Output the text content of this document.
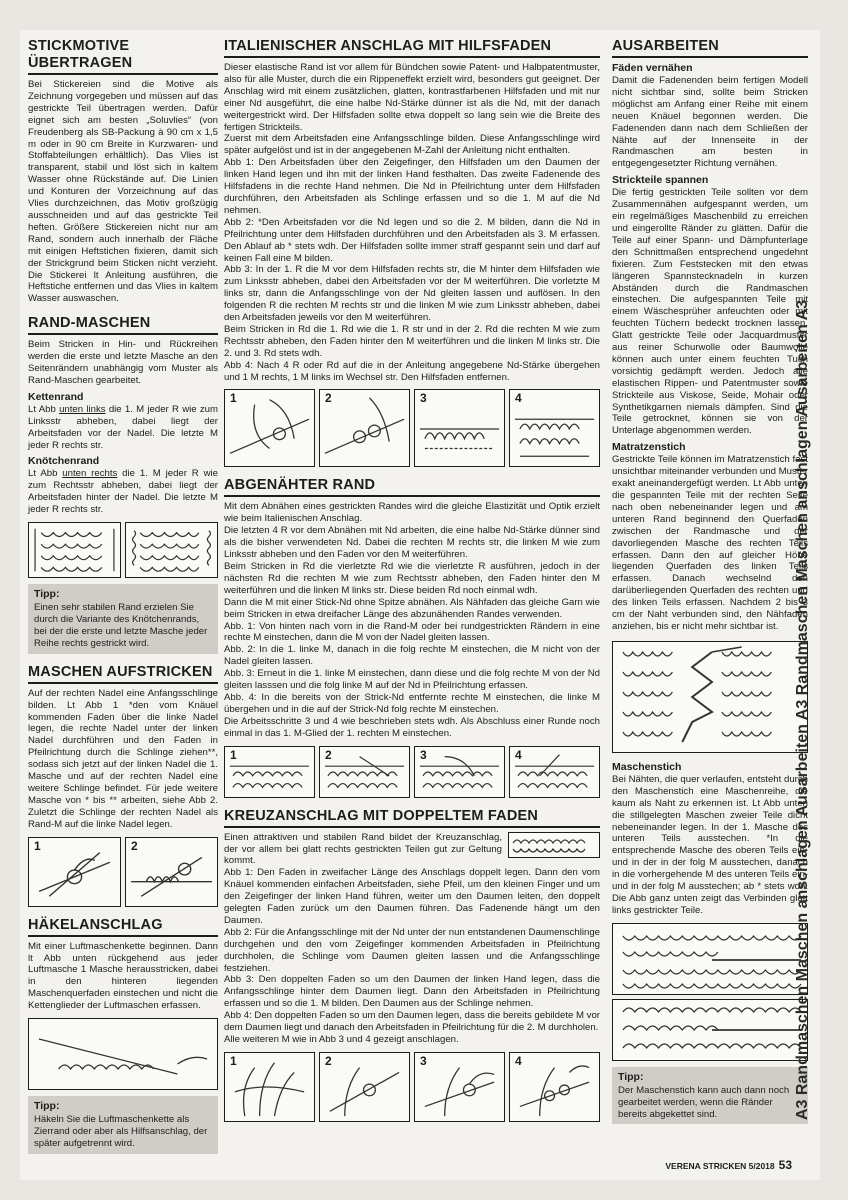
STICKMOTIVE ÜBERTRAGEN

Bei Stickereien sind die Motive als Zeichnung vorgegeben und müssen auf das gestrickte Teil übertragen werden. Dafür eignet sich am besten „Soluvlies“ (von Freudenberg als SB-Packung à 90 cm x 1,5 m oder in 90 cm Breite in Kurzwaren- und Stoffabteilungen erhältlich). Das Vlies ist transparent, stabil und löst sich in kaltem Wasser ohne Rückstände auf. Die Linien und Konturen der Vorzeichnung auf das Vlies durchzeichnen, das Motiv großzügig ausschneiden und auf das gestrickte Teil heften. Größere Stickereien nicht nur am Rand, sondern auch innerhalb der Fläche mit einigen Heftstichen fixieren, damit sich der Strickgrund beim Sticken nicht verzieht. Die Stickerei lt Anleitung ausführen, die Heftstiche entfernen und das Vlies in kaltem Wasser auswaschen.

RAND-MASCHEN

Beim Stricken in Hin- und Rückreihen werden die erste und letzte Masche an den Seitenrändern unabhängig vom Muster als Rand-Maschen gearbeitet.

Kettenrand

Lt Abb unten links die 1. M jeder R wie zum Linksstr abheben, dabei liegt der Arbeitsfaden vor der Nadel. Die letzte M jeder R rechts str.

Knötchenrand

Lt Abb unten rechts die 1. M jeder R wie zum Rechtsstr abheben, dabei liegt der Arbeitsfaden hinter der Nadel. Die letzte M jeder R rechts str.

Tipp:

Einen sehr stabilen Rand erzielen Sie durch die Variante des Knötchenrands, bei der die erste und letzte Masche jeder Reihe rechts gestrickt wird.

MASCHEN AUFSTRICKEN

Auf der rechten Nadel eine Anfangsschlinge bilden. Lt Abb 1 *den vom Knäuel kommenden Faden über die linke Nadel legen, die rechte Nadel unter der linken Nadel durchführen und den Faden in Pfeilrichtung durch die Schlinge ziehen**, sodass sich jetzt auf der linken Nadel die 1. Masche und auf der rechten Nadel eine weitere Schlinge befindet. Für jede weitere Masche von * bis ** arbeiten, siehe Abb 2. Zuletzt die Schlinge der rechten Nadel als Rand-M auf die linke Nadel legen.

1	2
HÄKELANSCHLAG

Mit einer Luftmaschenkette beginnen. Dann lt Abb unten rückgehend aus jeder Luftmasche 1 Masche herausstricken, dabei in den hinteren liegenden Maschenquerfaden einstechen und nicht die Kettenglieder der Luftmaschen erfassen.

Tipp:

Häkeln Sie die Luftmaschenkette als Zierrand oder aber als Hilfsanschlag, der später aufgetrennt wird.

ITALIENISCHER ANSCHLAG MIT HILFSFADEN

Dieser elastische Rand ist vor allem für Bündchen sowie Patent- und Halbpatentmuster, also für alle Muster, durch die ein Rippeneffekt erzielt wird, besonders gut geeignet. Der Anschlag wird mit einem zusätzlichen, glatten, kontrastfarbenen Hilfsfaden und mit nur einer Nd ausgeführt, die eine halbe Nd-Stärke dünner ist als die Nd, mit der danach weitergestrickt wird. Der Hilfsfaden sollte etwa doppelt so lang sein wie die Breite des fertigen Strickteils.

Zuerst mit dem Arbeitsfaden eine Anfangsschlinge bilden. Diese Anfangsschlinge wird später aufgelöst und ist in der angegebenen M-Zahl der Anleitung nicht enthalten.

Abb 1: Den Arbeitsfaden über den Zeigefinger, den Hilfsfaden um den Daumen der linken Hand legen und ihn mit der linken Hand festhalten. Das zweite Fadenende des Hilfsfadens in die rechte Hand nehmen. Die Nd in Pfeilrichtung unter dem Hilfsfaden durchführen, den Arbeitsfaden als Schlinge erfassen und so die 1. M auf die Nd nehmen.

Abb 2: *Den Arbeitsfaden vor die Nd legen und so die 2. M bilden, dann die Nd in Pfeilrichtung unter dem Hilfsfaden durchführen und den Arbeitsfaden als 3. M erfassen. Den Ablauf ab * stets wdh. Der Hilfsfaden sollte immer straff gespannt sein und darf auf keinen Fall eine M bilden.

Abb 3: In der 1. R die M vor dem Hilfsfaden rechts str, die M hinter dem Hilfsfaden wie zum Linksstr abheben, dabei den Arbeitsfaden vor der M weiterführen. Die vorletzte M links str, dann die Anfangsschlinge von der Nd gleiten lassen und auflösen. In den folgenden R die rechten M rechts str und die linken M wie zum Linksstr abheben, dabei den Arbeitsfaden jeweils vor den M weiterführen.

Beim Stricken in Rd die 1. Rd wie die 1. R str und in der 2. Rd die rechten M wie zum Rechtsstr abheben, den Faden hinter den M weiterführen und die linken M links str. Die 2. und 3. Rd stets wdh.

Abb 4: Nach 4 R oder Rd auf die in der Anleitung angegebene Nd-Stärke übergehen und 1 M rechts, 1 M links im Wechsel str. Den Hilfsfaden entfernen.

1	2	3	4
ABGENÄHTER RAND

Mit dem Abnähen eines gestrickten Randes wird die gleiche Elastizität und Optik erzielt wie beim Italienischen Anschlag.

Die letzten 4 R vor dem Abnähen mit Nd arbeiten, die eine halbe Nd-Stärke dünner sind als die bisher verwendeten Nd. Dabei die rechten M rechts str, die linken M wie zum Linksstr abheben und den Faden vor den M weiterführen.

Beim Stricken in Rd die vierletzte Rd wie die vierletzte R ausführen, jedoch in der nächsten Rd die rechten M wie zum Rechtsstr abheben, den Faden hinter den M weiterführen und die linken M links str. Diese beiden Rd noch einmal wdh.

Dann die M mit einer Stick-Nd ohne Spitze abnähen. Als Nähfaden das gleiche Garn wie beim Stricken in etwa dreifacher Länge des abzunähenden Randes verwenden.

Abb. 1: Von hinten nach vorn in die Rand-M oder bei rundgestrickten Rändern in eine rechte M einstechen, dann die M von der Nadel gleiten lassen.

Abb. 2: In die 1. linke M, danach in die folg rechte M einstechen, die M nicht von der Nadel gleiten lassen.

Abb. 3: Erneut in die 1. linke M einstechen, dann diese und die folg rechte M von der Nd gleiten lasssen und die folg linke M auf der Nd in Pfeilrichtung erfassen.

Abb. 4: In die bereits von der Strick-Nd entfernte rechte M einstechen, die linke M übergehen und in die auf der Strick-Nd folg rechte M einstechen.

Die Arbeitsschritte 3 und 4 wie beschrieben stets wdh. Als Abschluss einer Runde noch einmal in das 1. M-Glied der 1. rechten M einstechen.

1	2	3	4
KREUZANSCHLAG MIT DOPPELTEM FADEN

Einen attraktiven und stabilen Rand bildet der Kreuzanschlag, der vor allem bei glatt rechts gestrickten Teilen gut zur Geltung kommt.

Abb 1: Den Faden in zweifacher Länge des Anschlags doppelt legen. Dann den vom Knäuel kommenden einfachen Arbeitsfaden, siehe Pfeil, um den kleinen Finger und um den Zeigefinger der linken Hand führen, weiter um den Daumen leiten, den doppelt gelegten Faden zurück um den Daumen führen. Das Fadenende hängt um den Daumen.

Abb 2: Für die Anfangsschlinge mit der Nd unter der nun entstandenen Daumenschlinge durchgehen und den vom Zeigefinger kommenden Arbeitsfaden in Pfeilrichtung durchholen, die Schlinge vom Daumen gleiten lassen und die Anfangsschlinge festziehen.

Abb 3: Den doppelten Faden so um den Daumen der linken Hand legen, dass die Anfangsschlinge hinter dem Daumen liegt. Dann den Arbeitsfaden in Pfeilrichtung erfassen und so die 1. M bilden. Den Daumen aus der Schlinge nehmen.

Abb 4: Den doppelten Faden so um den Daumen legen, dass die bereits gebildete M vor dem Daumen liegt und danach den Arbeitsfaden in Pfeilrichtung für die 2. M durchholen.

Alle weiteren M wie in Abb 3 und 4 gezeigt anschlagen.

1	2	3	4
AUSARBEITEN
Fäden vernähen

Damit die Fadenenden beim fertigen Modell nicht sichtbar sind, sollte beim Stricken möglichst am Anfang einer Reihe mit einem neuen Knäuel begonnen werden. Die Fadenenden dann nach dem Schließen der Nähte auf der Innenseite in der Randmaschen am besten in entgegengesetzter Richtung vernähen.

Strickteile spannen

Die fertig gestrickten Teile sollten vor dem Zusammennähen aufgespannt werden, um ein regelmäßiges Maschenbild zu erreichen und eingerollte Ränder zu glätten. Dafür die Teile auf einer Spann- und Dämpfunterlage den Schnittmaßen entsprechend ungedehnt fixieren. Zum Feststecken mit den etwas längeren Spannstecknadeln in kurzen Abständen durch die Randmaschen einstechen. Die aufgespannten Teile mit einem Wäschesprüher anfeuchten oder mit feuchten Tüchern bedeckt trocknen lassen. Glatt gestrickte Teile oder Jacquardmuster aus reiner Schurwolle oder Baumwolle können auch unter einem feuchten Tuch vorsichtig gedämpft werden. Jedoch alle elastischen Rippen- und Patentmuster sowie Strickteile aus Viskose, Seide, Mohair oder Synthetikgarnen niemals dämpfen. Sind die Teile getrocknet, können sie von der Unterlage abgenommen werden.

Matratzenstich

Gestrickte Teile können im Matratzenstich fast unsichtbar miteinander verbunden und Muster exakt aneinandergefügt werden. Lt Abb unten die gespannten Teile mit der rechten Seite nach oben nebeneinander legen und am unteren Rand beginnend den Querfaden zwischen der Randmasche und der davorliegenden Masche des rechten Teils erfassen. Dann den auf gleicher Höhe liegenden Querfaden des linken Teils erfassen. Danach wechselnd den darüberliegenden Querfaden des rechten und des linken Teils erfassen. Nachdem 2 bis 3 cm der Naht verbunden sind, den Nähfaden anziehen, bis er nicht mehr sichtbar ist.

Maschenstich

Bei Nähten, die quer verlaufen, entsteht durch den Maschenstich eine Maschenreihe, die kaum als Naht zu erkennen ist. Lt Abb unten die stillgelegten Maschen zweier Teile dicht nebeneinander legen. In der 1. Masche des unteren Teils ausstechen. *In die entsprechende Masche des oberen Teils ein- und in der in der folg M ausstechen, danach in die vorhergehende M des unteren Teils ein- und in der folg M ausstechen; ab * stets wdh. Die Abb ganz unten zeigt das Verbinden glatt links gestrickter Teile.

Tipp:

Der Maschenstich kann auch dann noch gearbeitet werden, wenn die Ränder bereits abgekettet sind.	A3 Randmaschen Maschen anschlagen Ausarbeiten A3 Randmaschen Maschen anschlagen Ausarbeiten A3
VERENA STRICKEN 5/2018 53
